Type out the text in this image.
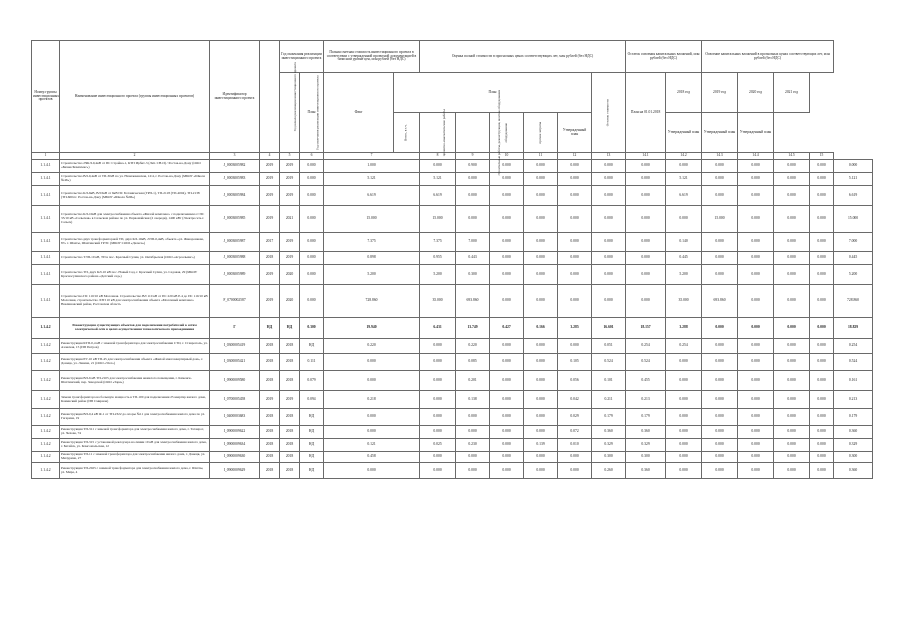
Номер группы инвестиционных проектов	Наименование инвестиционного проекта (группы инвестиционных проектов)	Идентификатор инвестиционного проекта	Год начала реализации инвестиционного проекта	Год окончания реализации инвестиционного проекта		Полная сметная стоимость инвестиционного проекта в соответствии с утвержденной проектной документацией в базисном уровне цен, млн рублей (без НДС)		Оценка полной стоимости в прогнозных ценах соответствующих лет, млн рублей (без НДС)						Остаток освоения капитальных вложений, млн рублей (без НДС)		Освоение капитальных вложений в прогнозных ценах соответствующих лет, млн рублей (без НДС)				
				Год окончания реализации инвестиционного проекта	План	Факт	План						Остаток стоимости	План на 01.01.2018	2018 год	2019 год	2020 год	2021 год		
							Всего, в т.ч.	проектно-изыскательские работы	строительные работы, реконструкция, монтаж оборудования	оборудование	прочие затраты	Утвержденный план			Утвержденный план	Утвержденный план	Утвержденный план			
1	2	3	4	5	6	7		8	9	10	11	12	13	14.1	14.2	14.3	14.4	14.5	15	
1.1.4.1	Строительство 2ЧКЛ-0,4кВ от ПС Стройка-1, КТП Ирбит-3 (Лит. СН-II) / Ростов-на-Дону (ООО «БизнесКомплекс»)	J_0003005982	2019	2019	0.000	1.000		0.000	0.900	0.000	0.000	0.000	0.000	0.000	0.000	0.000	0.000	0.000	0.000	0.000
1.1.4.1	Строительство ВЛ-0,4кВ от ТП-3028 по ул. Нахичеванская, 12/4, г. Ростов-на-Дону (МБОУ «Школа №46»)	J_0003005983	2019	2019	0.000	5.121		5.121	0.000	0.000	0.000	0.000	0.000	0.000	5.121	0.000	0.000	0.000	0.000	5.121
1.1.4.1	Строительство КЛ-6кВ, ВЛ 6кВ от 6кВ ПС Ботаническая (ГРП-1), ТП-2118 (ТП-4004), ТП-2138 (ТП-6004 г. Ростов-на-Дону (МБОУ «Школа №96»)	J_0003005984	2019	2019	0.000	6.619		6.619	0.000	0.000	0.000	0.000	0.000	0.000	6.619	0.000	0.000	0.000	0.000	6.619
1.1.4.1	Строительство КЛ-10кВ для электроснабжения объекта «Жилой комплекс» с подключением от ПС 35/10 кВ «Сальская» в Сальском районе по ул. Первомайская (2 очереди), 1400 кВт (Электросеть г. Сальск)	J_0003005985	2019	2021	0.000	15.000		15.000	0.000	0.000	0.000	0.000	0.000	0.000	0.000	15.000	0.000	0.000	0.000	15.000
1.1.4.1	Строительство двух трансформаторной ТП, двух КЛ-10кВ, ЛЭП-0,4кВ, объекта «ул. Жаворонкова, 87» г. Шахты, Шахтинский ГРЭС (МБОУ СОШ «Дельта»)	J_0003005987	2017	2019	0.000	7.375		7.375	7.000	0.000	0.000	0.000	0.000	0.000	0.140	0.000	0.000	0.000	0.000	7.000
1.1.4.1	Строительство ТЭП-10 кВ, ТП в пос. Красный Сулин, ул. Октябрьская (ООО «Агроальянс»)	J_0003005988	2018	2019	0.000	0.898		0.955	0.443	0.000	0.000	0.000	0.000	0.000	0.445	0.000	0.000	0.000	0.000	0.445
1.1.4.1	Строительство ТП, двух КЛ-10 кВ пос. Новый Сад, г. Красный Сулин, ул. Садовая, 29 (МКОУ Красносулинского района «Детский сад»)	J_0003005989	2019	2020	0.000	5.200		5.200	0.300	0.000	0.000	0.000	0.000	0.000	5.200	0.000	0.000	0.000	0.000	5.200
1.1.4.1	Строительство ПС 110/10 кВ Молочная. Строительство ВЛ 110 кВ от ПС 220 кВ Р-4 до ПС 110/10 кВ Молочная, строительство ЛЭП 10 кВ для электроснабжения объекта «Молочный комплекс» Неклиновский район, Ростовская область	F_0700002587	2019	2020	0.000	728.860		35.000	693.860	0.000	0.000	0.000	0.000	0.000	35.000	693.860	0.000	0.000	0.000	728.860
1.1.4.2	Реконструкция существующих объектов для подключения потребителей к сетям электрической сети в целях осуществления технологического присоединения	Г	НД	НД	0.300	19.940		6.431	13.749	0.427	0.166	3.285	16.601	18.157	3.288	0.000	0.000	0.000	0.000	18.829
1.1.4.2	Реконструкция КТП-0,4 кВ с заменой трансформатора для электроснабжения СТО, г. Ставрополь, ул. Азовская, 15 (ИП Петров)	I_0300005419	2018	2018	НД	0.220		0.000	0.220	0.000	0.000	0.000	0.051	0.254	0.254	0.000	0.000	0.000	0.000	0.254
1.1.4.2	Реконструкция РУ-10 кВ ТП-45 для электроснабжения объекта «Жилой многоквартирный дом», г. Донецк, ул. Ленина, 21 (ООО «Уют»)	I_0300005421	2018	2018	0.111	0.000		0.000	0.085	0.000	0.000	0.105	0.524	0.524	0.000	0.000	0.000	0.000	0.000	0.524
1.1.4.2	Реконструкция ВЛ-6 кВ ТП-2105 для электроснабжения нежилого помещения, г. Каменск-Шахтинский, пер. Заводской (ООО «Заря»)	I_0900009580	2018	2018	0.079	0.000		0.000	0.201	0.000	0.000	0.056	0.101	0.455	0.000	0.000	0.000	0.000	0.000	0.161
1.1.4.2	Замена трансформатора на большую мощность в ТП-100 для подключения 25 квартир жилого дома, Каменский район (ИП Смирнов)	I_0700005458	2019	2019	0.094	0.218		0.000	0.138	0.000	0.000	0.042	0.211	0.213	0.000	0.000	0.000	0.000	0.000	0.213
1.1.4.2	Реконструкция ВЛ-0,4 кВ Ф-1 от ТП-2322 до опоры №11 для электроснабжения жилого дома по ул. Гагарина, 19	I_0400003683	2018	2018	НД	0.000		0.000	0.000	0.000	0.000	0.029	0.179	0.179	0.000	0.000	0.000	0.000	0.000	0.179
1.1.4.2	Реконструкция ТП-311 с заменой трансформатора для электроснабжения жилого дома, г. Таганрог, ул. Чехова, 74	I_0900009622	2018	2018	НД	0.000		0.000	0.000	0.000	0.000	0.072	0.360	0.360	0.000	0.000	0.000	0.000	0.000	0.360
1.1.4.2	Реконструкция ТП-315 с установкой реклоузера на линии 10 кВ для электроснабжения жилого дома, г. Батайск, ул. Комсомольская, 12	I_0900009634	2018	2018	НД	0.121		0.025	0.230	0.000	0.139	0.010	0.329	0.329	0.000	0.000	0.000	0.000	0.000	0.329
1.1.4.2	Реконструкция ТП-11 с заменой трансформатора для электроснабжения жилого дома, г. Донецк, ул. Мичурина, 27	I_0900009630	2018	2018	НД	0.458		0.000	0.000	0.000	0.000	0.000	0.300	0.300	0.000	0.000	0.000	0.000	0.000	0.300
1.1.4.2	Реконструкция ТП-2025 с заменой трансформатора для электроснабжения жилого дома, г. Шахты, ул. Мира, 4	I_0900009629	2018	2018	НД	0.000		0.000	0.000	0.000	0.000	0.000	0.260	0.360	0.000	0.000	0.000	0.000	0.000	0.360
